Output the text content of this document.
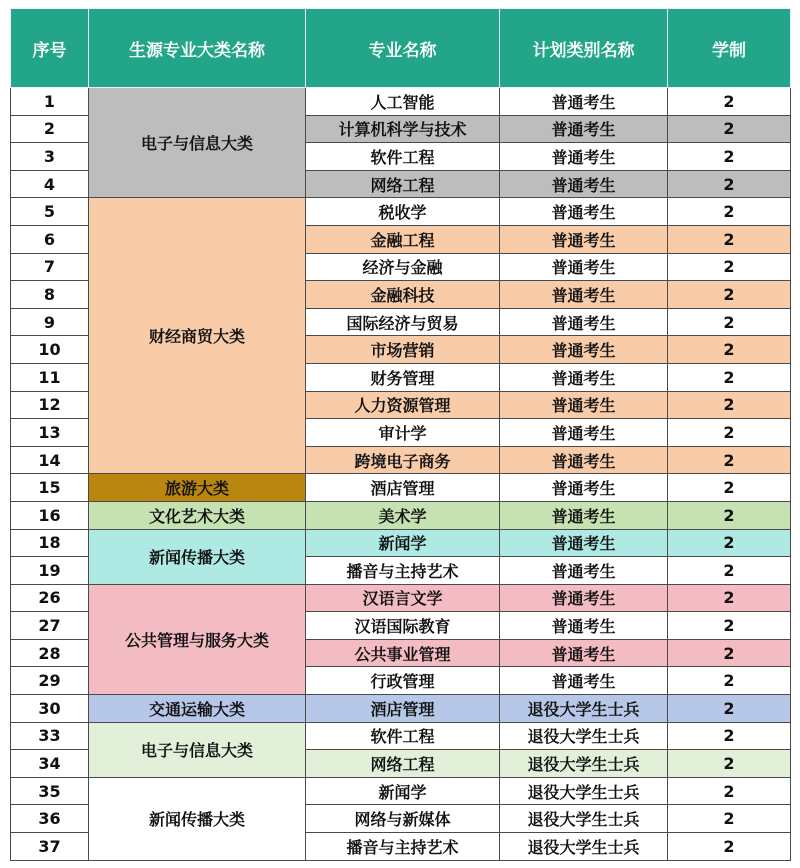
序号	生源专业大类名称	专业名称	计划类别名称	学制
1	电子与信息大类	人工智能	普通考生	2
2		计算机科学与技术	普通考生	2
3		软件工程	普通考生	2
4		网络工程	普通考生	2
5	财经商贸大类	税收学	普通考生	2
6		金融工程	普通考生	2
7		经济与金融	普通考生	2
8		金融科技	普通考生	2
9		国际经济与贸易	普通考生	2
10		市场营销	普通考生	2
11		财务管理	普通考生	2
12		人力资源管理	普通考生	2
13		审计学	普通考生	2
14		跨境电子商务	普通考生	2
15	旅游大类	酒店管理	普通考生	2
16	文化艺术大类	美术学	普通考生	2
18	新闻传播大类	新闻学	普通考生	2
19		播音与主持艺术	普通考生	2
26	公共管理与服务大类	汉语言文学	普通考生	2
27		汉语国际教育	普通考生	2
28		公共事业管理	普通考生	2
29		行政管理	普通考生	2
30	交通运输大类	酒店管理	退役大学生士兵	2
33	电子与信息大类	软件工程	退役大学生士兵	2
34		网络工程	退役大学生士兵	2
35	新闻传播大类	新闻学	退役大学生士兵	2
36		网络与新媒体	退役大学生士兵	2
37		播音与主持艺术	退役大学生士兵	2
